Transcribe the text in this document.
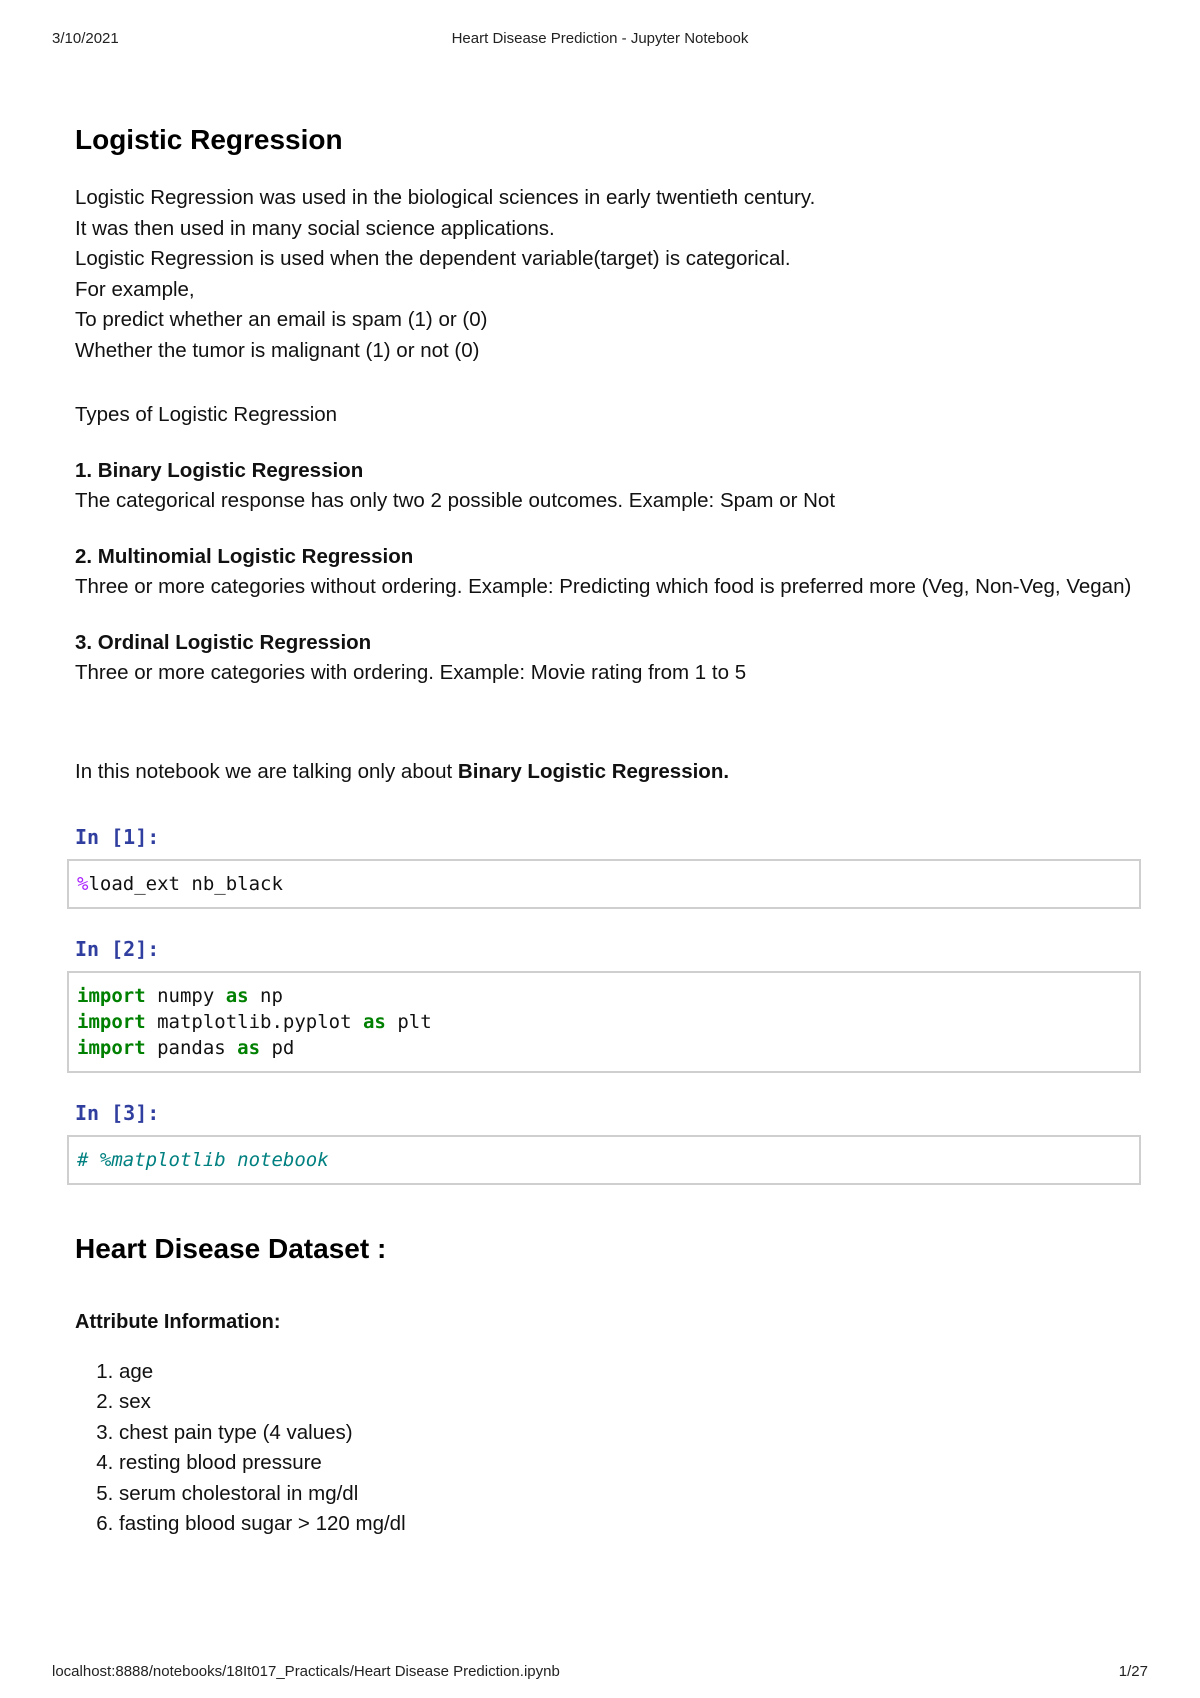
3/10/2021	Heart Disease Prediction - Jupyter Notebook
Logistic Regression
Logistic Regression was used in the biological sciences in early twentieth century.
It was then used in many social science applications.
Logistic Regression is used when the dependent variable(target) is categorical.
For example,
To predict whether an email is spam (1) or (0)
Whether the tumor is malignant (1) or not (0)
Types of Logistic Regression
1. Binary Logistic Regression
The categorical response has only two 2 possible outcomes. Example: Spam or Not
2. Multinomial Logistic Regression
Three or more categories without ordering. Example: Predicting which food is preferred more (Veg, Non-Veg, Vegan)
3. Ordinal Logistic Regression
Three or more categories with ordering. Example: Movie rating from 1 to 5
In this notebook we are talking only about Binary Logistic Regression.
In [1]:
%load_ext nb_black
In [2]:
import numpy as np
import matplotlib.pyplot as plt
import pandas as pd
In [3]:
# %matplotlib notebook
Heart Disease Dataset :
Attribute Information:
1. age
2. sex
3. chest pain type (4 values)
4. resting blood pressure
5. serum cholestoral in mg/dl
6. fasting blood sugar > 120 mg/dl
localhost:8888/notebooks/18It017_Practicals/Heart Disease Prediction.ipynb	1/27
